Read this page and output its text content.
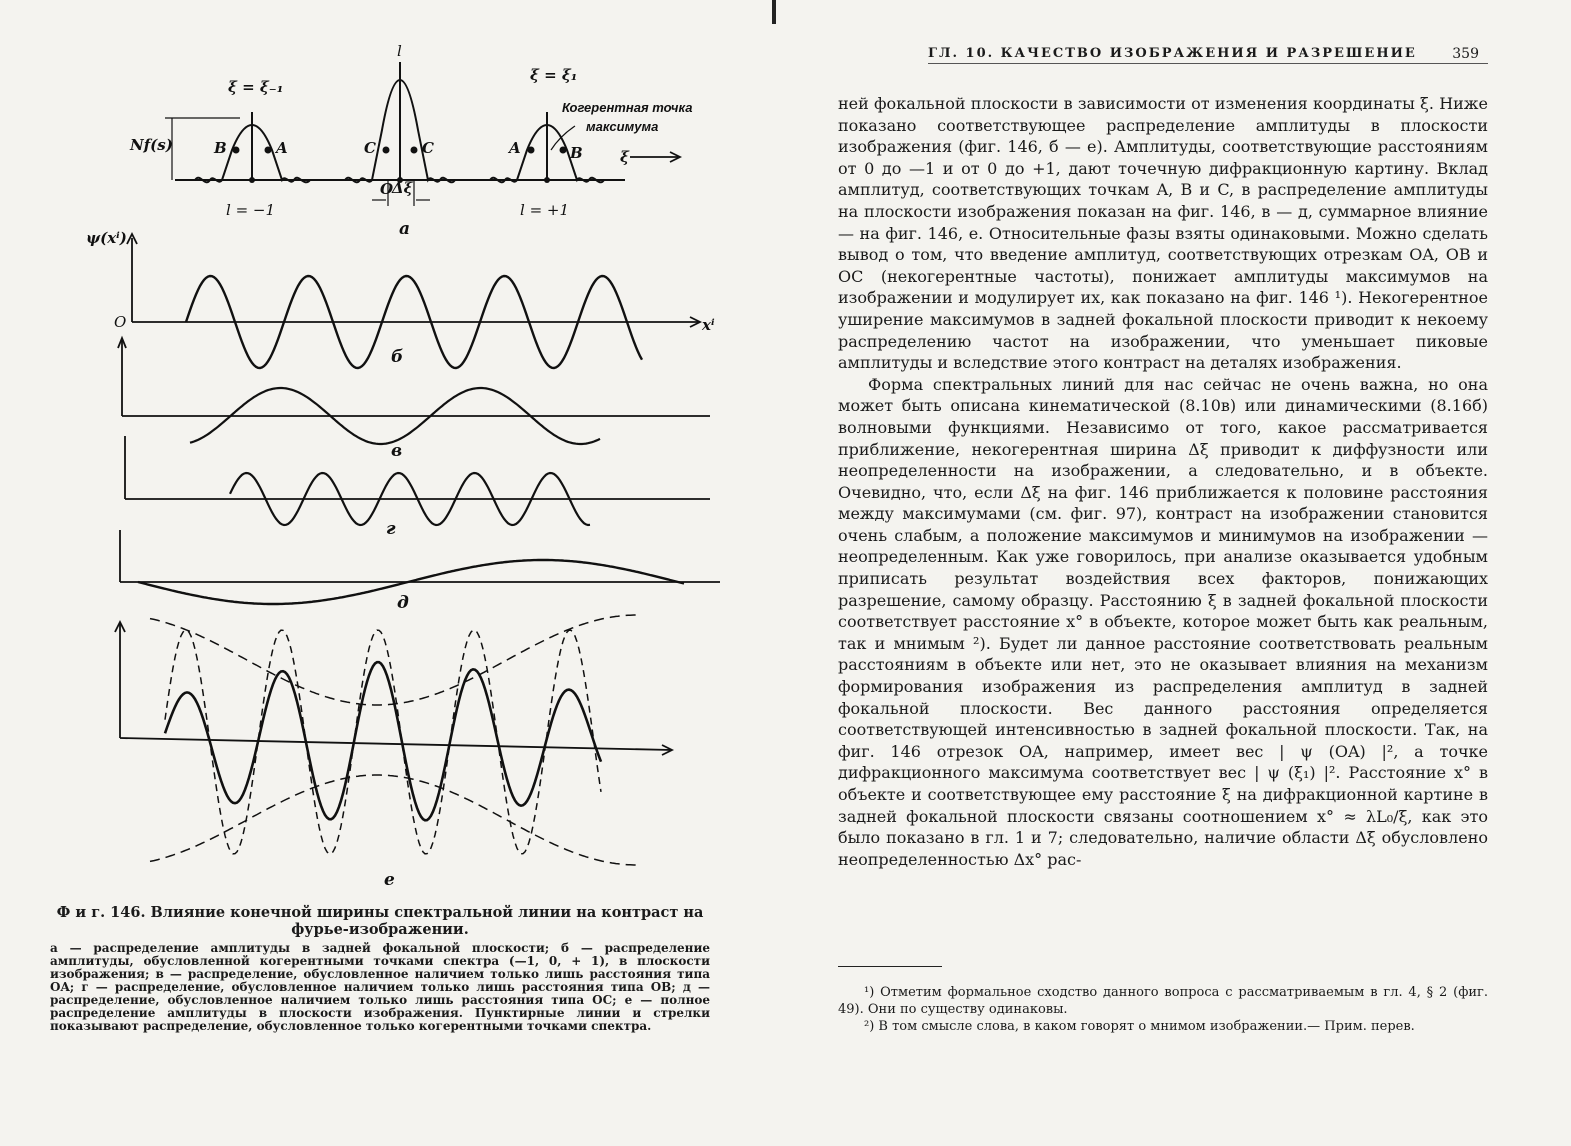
ξ = ξ₋₁
ξ = ξ₁
l
Nf(s)	B	A	C	C	A	B
O
Δξ
l = −1	l = +1
ξ
Когерентная точка
максимума
а
ψ(xⁱ)
O	xⁱ
б
в
г
д
е

Ф и г. 146. Влияние конечной ширины спектральной линии на контраст на фурье-изображении.

а — распределение амплитуды в задней фокальной плоскости; б — распределение амплитуды, обусловленной когерентными точками спектра (—1, 0, + 1), в плоскости изображения; в — распределение, обусловленное наличием только лишь расстояния типа OA; г — распределение, обусловленное наличием только лишь расстояния типа OB; д — распределение, обусловленное наличием только лишь расстояния типа OC; е — полное распределение амплитуды в плоскости изображения. Пунктирные линии и стрелки показывают распределение, обусловленное только когерентными точками спектра.

ГЛ. 10. КАЧЕСТВО ИЗОБРАЖЕНИЯ И РАЗРЕШЕНИЕ	359

ней фокальной плоскости в зависимости от изменения координаты ξ. Ниже показано соответствующее распределение амплитуды в плоскости изображения (фиг. 146, б — е). Амплитуды, соответствующие расстояниям от 0 до —1 и от 0 до +1, дают точечную дифракционную картину. Вклад амплитуд, соответствующих точкам A, B и C, в распределение амплитуды на плоскости изображения показан на фиг. 146, в — д, суммарное влияние — на фиг. 146, е. Относительные фазы взяты одинаковыми. Можно сделать вывод о том, что введение амплитуд, соответствующих отрезкам OA, OB и OC (некогерентные частоты), понижает амплитуды максимумов на изображении и модулирует их, как показано на фиг. 146 ¹). Некогерентное уширение максимумов в задней фокальной плоскости приводит к некоему распределению частот на изображении, что уменьшает пиковые амплитуды и вследствие этого контраст на деталях изображения.

Форма спектральных линий для нас сейчас не очень важна, но она может быть описана кинематической (8.10в) или динамическими (8.16б) волновыми функциями. Независимо от того, какое рассматривается приближение, некогерентная ширина Δξ приводит к диффузности или неопределенности на изображении, а следовательно, и в объекте. Очевидно, что, если Δξ на фиг. 146 приближается к половине расстояния между максимумами (см. фиг. 97), контраст на изображении становится очень слабым, а положение максимумов и минимумов на изображении — неопределенным. Как уже говорилось, при анализе оказывается удобным приписать результат воздействия всех факторов, понижающих разрешение, самому образцу. Расстоянию ξ в задней фокальной плоскости соответствует расстояние x° в объекте, которое может быть как реальным, так и мнимым ²). Будет ли данное расстояние соответствовать реальным расстояниям в объекте или нет, это не оказывает влияния на механизм формирования изображения из распределения амплитуд в задней фокальной плоскости. Вес данного расстояния определяется соответствующей интенсивностью в задней фокальной плоскости. Так, на фиг. 146 отрезок OA, например, имеет вес | ψ (OA) |², а точке дифракционного максимума соответствует вес | ψ (ξ₁) |². Расстояние x° в объекте и соответствующее ему расстояние ξ на дифракционной картине в задней фокальной плоскости связаны соотношением x° ≈ λL₀/ξ, как это было показано в гл. 1 и 7; следовательно, наличие области Δξ обусловлено неопределенностью Δx° рас-

¹) Отметим формальное сходство данного вопроса с рассматриваемым в гл. 4, § 2 (фиг. 49). Они по существу одинаковы.

²) В том смысле слова, в каком говорят о мнимом изображении.— Прим. перев.
